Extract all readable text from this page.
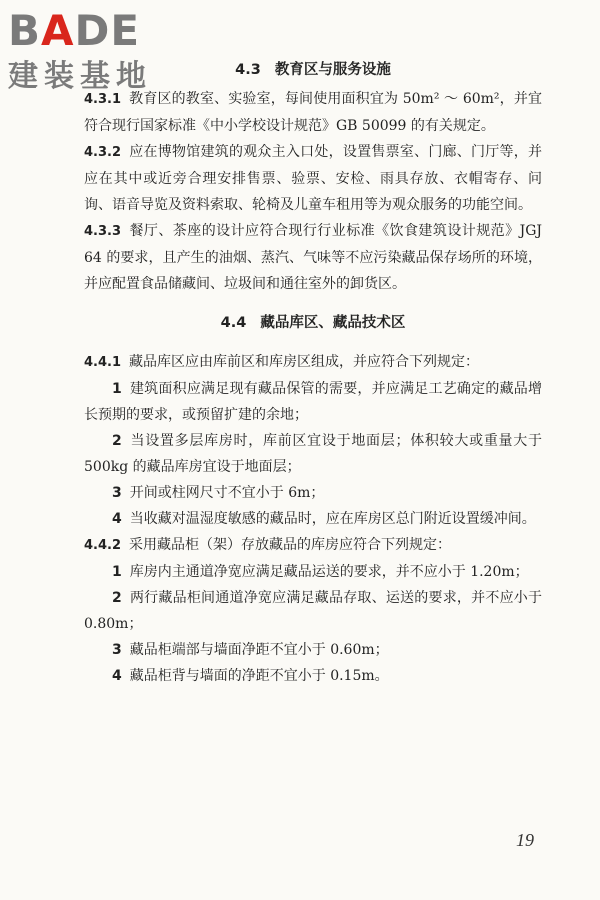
BADE
建装基地	4.3 教育区与服务设施

4.3.1 教育区的教室、实验室，每间使用面积宜为 50m² ～ 60m²，并宜符合现行国家标准《中小学校设计规范》GB 50099 的有关规定。

4.3.2 应在博物馆建筑的观众主入口处，设置售票室、门廊、门厅等，并应在其中或近旁合理安排售票、验票、安检、雨具存放、衣帽寄存、问询、语音导览及资料索取、轮椅及儿童车租用等为观众服务的功能空间。

4.3.3 餐厅、茶座的设计应符合现行行业标准《饮食建筑设计规范》JGJ 64 的要求，且产生的油烟、蒸汽、气味等不应污染藏品保存场所的环境，并应配置食品储藏间、垃圾间和通往室外的卸货区。

4.4 藏品库区、藏品技术区

4.4.1 藏品库区应由库前区和库房区组成，并应符合下列规定：

1 建筑面积应满足现有藏品保管的需要，并应满足工艺确定的藏品增长预期的要求，或预留扩建的余地；

2 当设置多层库房时，库前区宜设于地面层；体积较大或重量大于 500kg 的藏品库房宜设于地面层；

3 开间或柱网尺寸不宜小于 6m；

4 当收藏对温湿度敏感的藏品时，应在库房区总门附近设置缓冲间。

4.4.2 采用藏品柜（架）存放藏品的库房应符合下列规定：

1 库房内主通道净宽应满足藏品运送的要求，并不应小于 1.20m；

2 两行藏品柜间通道净宽应满足藏品存取、运送的要求，并不应小于 0.80m；

3 藏品柜端部与墙面净距不宜小于 0.60m；

4 藏品柜背与墙面的净距不宜小于 0.15m。

19
